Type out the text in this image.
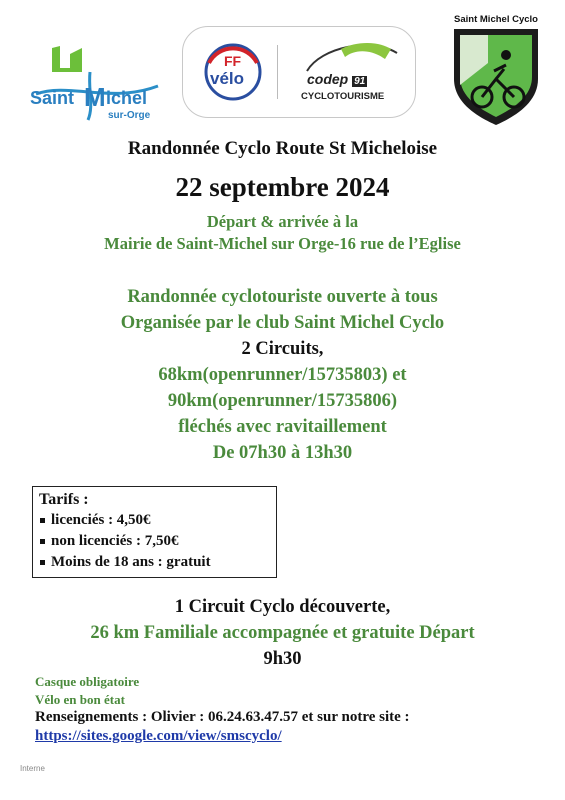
Saint M ichel
sur-Orge
FF
vélo	codep 91
CYCLOTOURISME
Saint Michel Cyclo
Randonnée Cyclo Route St Micheloise
22 septembre 2024
Départ & arrivée à la
Mairie de Saint-Michel sur Orge-16 rue de l’Eglise
Randonnée cyclotouriste ouverte à tous
Organisée par le club Saint Michel Cyclo
2 Circuits,
68km(openrunner/15735803) et
90km(openrunner/15735806)
fléchés avec ravitaillement
De 07h30 à 13h30
Tarifs :
licenciés : 4,50€
non licenciés : 7,50€
Moins de 18 ans : gratuit
1 Circuit Cyclo découverte,
26 km Familiale accompagnée et gratuite Départ
9h30
Casque obligatoire
Vélo en bon état
Renseignements : Olivier : 06.24.63.47.57 et sur notre site :
https://sites.google.com/view/smscyclo/
Interne
